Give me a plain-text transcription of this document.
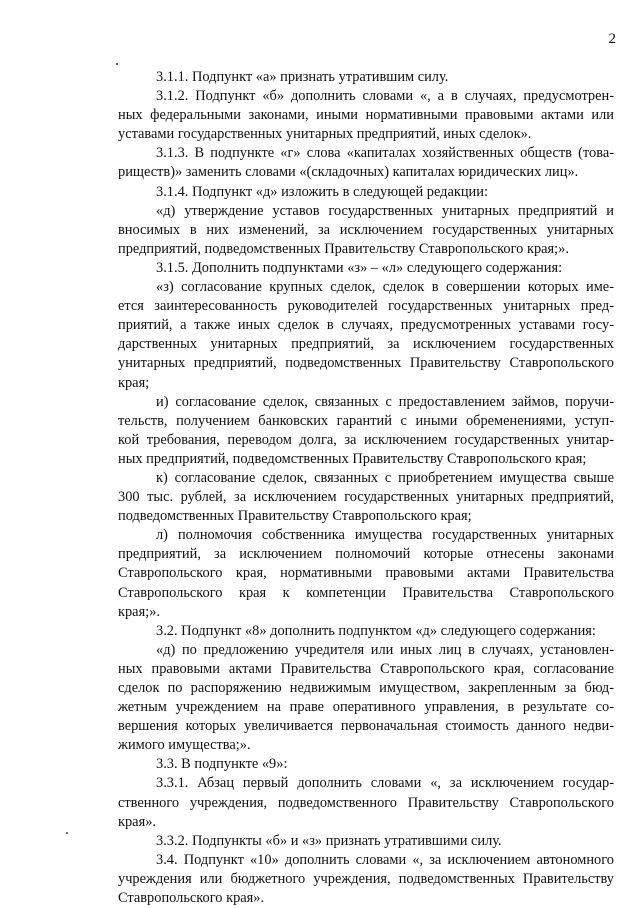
2
3.1.1. Подпункт «а» признать утратившим силу.
3.1.2. Подпункт «б» дополнить словами «, а в случаях, предусмотрен-
ных федеральными законами, иными нормативными правовыми актами или
уставами государственных унитарных предприятий, иных сделок».
3.1.3. В подпункте «г» слова «капиталах хозяйственных обществ (това-
риществ)» заменить словами «(складочных) капиталах юридических лиц».
3.1.4. Подпункт «д» изложить в следующей редакции:
«д) утверждение уставов государственных унитарных предприятий и
вносимых в них изменений, за исключением государственных унитарных
предприятий, подведомственных Правительству Ставропольского края;».
3.1.5. Дополнить подпунктами «з» – «л» следующего содержания:
«з) согласование крупных сделок, сделок в совершении которых име-
ется заинтересованность руководителей государственных унитарных пред-
приятий, а также иных сделок в случаях, предусмотренных уставами госу-
дарственных унитарных предприятий, за исключением государственных
унитарных предприятий, подведомственных Правительству Ставропольского
края;
и) согласование сделок, связанных с предоставлением займов, поручи-
тельств, получением банковских гарантий с иными обременениями, уступ-
кой требования, переводом долга, за исключением государственных унитар-
ных предприятий, подведомственных Правительству Ставропольского края;
к) согласование сделок, связанных с приобретением имущества свыше
300 тыс. рублей, за исключением государственных унитарных предприятий,
подведомственных Правительству Ставропольского края;
л) полномочия собственника имущества государственных унитарных
предприятий, за исключением полномочий которые отнесены законами
Ставропольского края, нормативными правовыми актами Правительства
Ставропольского края к компетенции Правительства Ставропольского
края;».
3.2. Подпункт «8» дополнить подпунктом «д» следующего содержания:
«д) по предложению учредителя или иных лиц в случаях, установлен-
ных правовыми актами Правительства Ставропольского края, согласование
сделок по распоряжению недвижимым имуществом, закрепленным за бюд-
жетным учреждением на праве оперативного управления, в результате со-
вершения которых увеличивается первоначальная стоимость данного недви-
жимого имущества;».
3.3. В подпункте «9»:
3.3.1. Абзац первый дополнить словами «, за исключением государ-
ственного учреждения, подведомственного Правительству Ставропольского
края».
3.3.2. Подпункты «б» и «з» признать утратившими силу.
3.4. Подпункт «10» дополнить словами «, за исключением автономного
учреждения или бюджетного учреждения, подведомственных Правительству
Ставропольского края».
